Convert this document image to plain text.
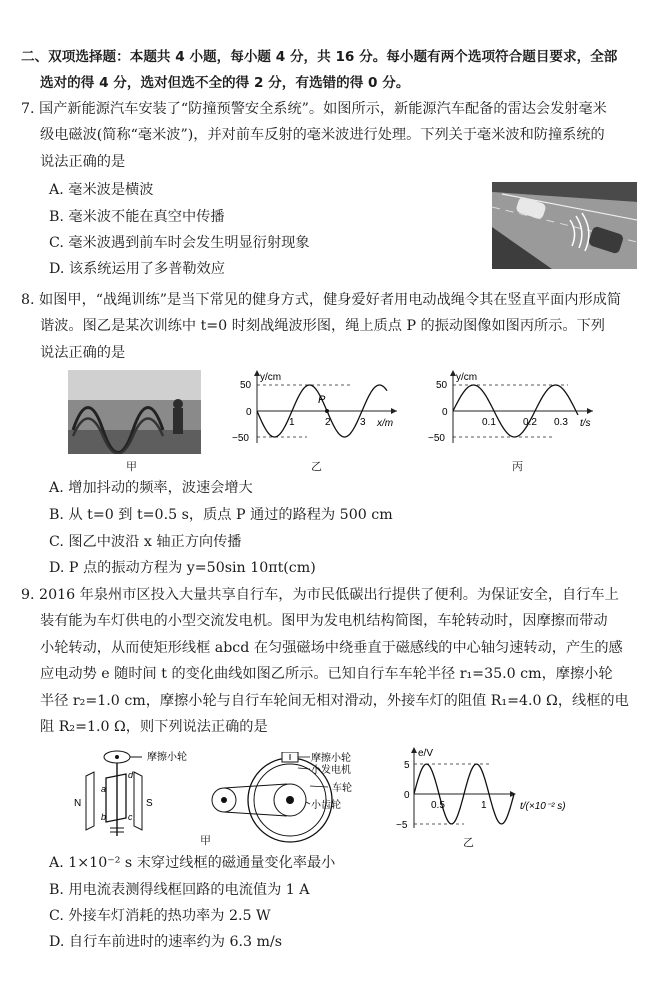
二、双项选择题：本题共 4 小题，每小题 4 分，共 16 分。每小题有两个选项符合题目要求，全部
选对的得 4 分，选对但选不全的得 2 分，有选错的得 0 分。
7. 国产新能源汽车安装了“防撞预警安全系统”。如图所示，新能源汽车配备的雷达会发射毫米
级电磁波(简称“毫米波”)，并对前车反射的毫米波进行处理。下列关于毫米波和防撞系统的
说法正确的是
A. 毫米波是横波
B. 毫米波不能在真空中传播
C. 毫米波遇到前车时会发生明显衍射现象
D. 该系统运用了多普勒效应
8. 如图甲，“战绳训练”是当下常见的健身方式，健身爱好者用电动战绳令其在竖直平面内形成简
谐波。图乙是某次训练中 t=0 时刻战绳波形图，绳上质点 P 的振动图像如图丙所示。下列
说法正确的是
甲
y/cm
x/m
50
0
−50
1	2	3
P
乙
y/cm
t/s
50
0
−50
0.1	0.2 0.3
丙
A. 增加抖动的频率，波速会增大
B. 从 t=0 到 t=0.5 s，质点 P 通过的路程为 500 cm
C. 图乙中波沿 x 轴正方向传播
D. P 点的振动方程为 y=50sin 10πt(cm)
9. 2016 年泉州市区投入大量共享自行车，为市民低碳出行提供了便利。为保证安全，自行车上
装有能为车灯供电的小型交流发电机。图甲为发电机结构简图，车轮转动时，因摩擦而带动
小轮转动，从而使矩形线框 abcd 在匀强磁场中绕垂直于磁感线的中心轴匀速转动，产生的感
应电动势 e 随时间 t 的变化曲线如图乙所示。已知自行车车轮半径 r₁=35.0 cm，摩擦小轮
半径 r₂=1.0 cm，摩擦小轮与自行车轮间无相对滑动，外接车灯的阻值 R₁=4.0 Ω，线框的电
阻 R₂=1.0 Ω，则下列说法正确的是
摩擦小轮
N	S
a
b c
d
摩擦小轮
小发电机
车轮
小齿轮
甲
e/V
t/(×10⁻² s)
5
0
−5
0.5	1
乙
A. 1×10⁻² s 末穿过线框的磁通量变化率最小
B. 用电流表测得线框回路的电流值为 1 A
C. 外接车灯消耗的热功率为 2.5 W
D. 自行车前进时的速率约为 6.3 m/s
